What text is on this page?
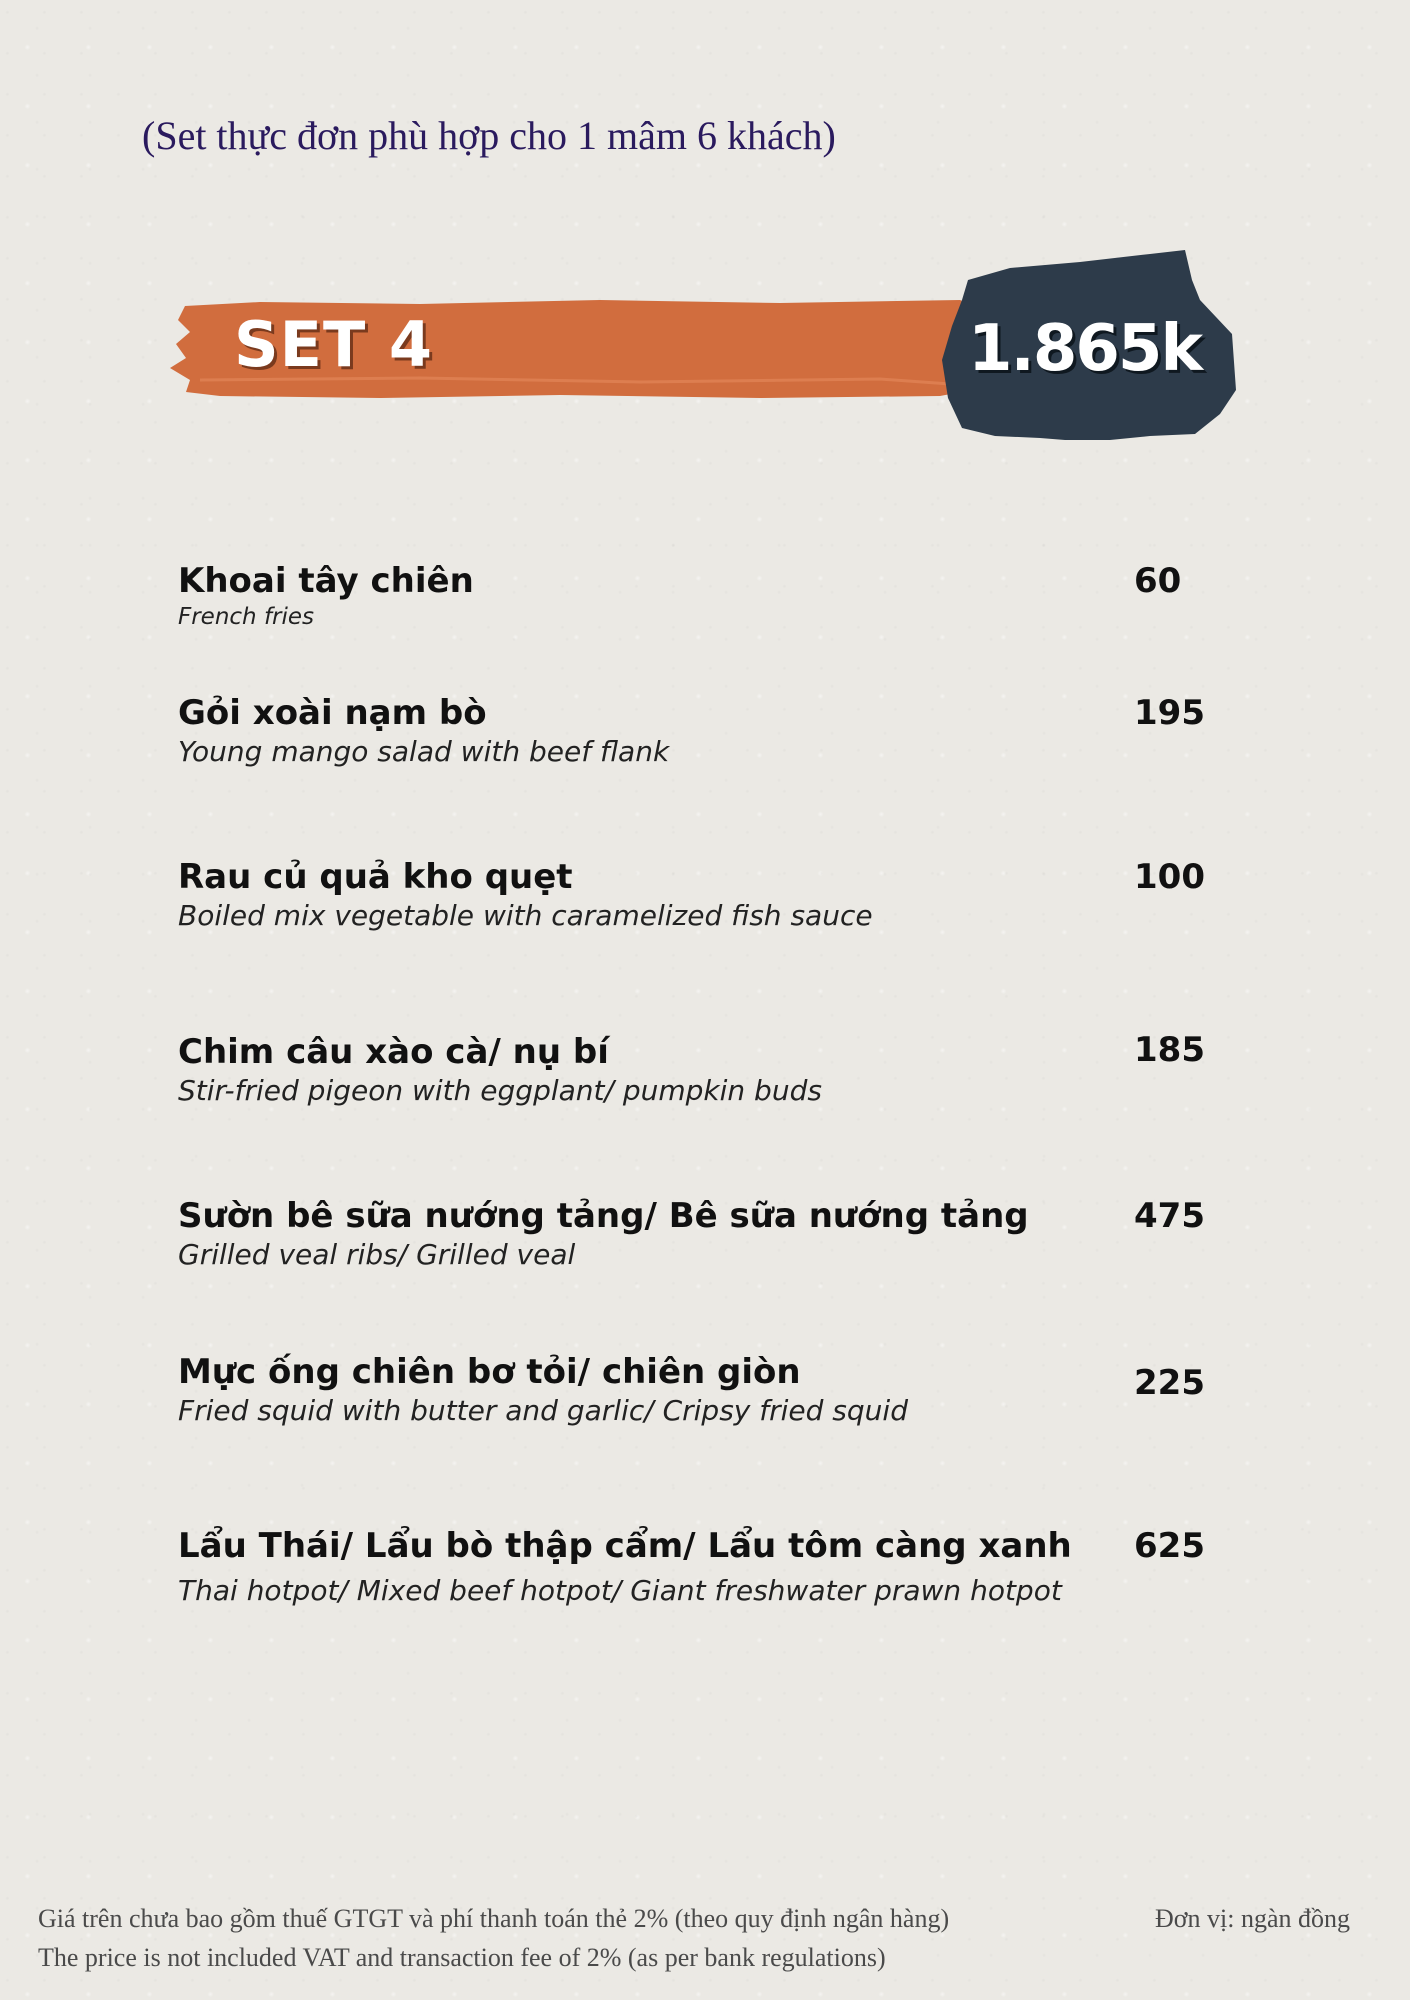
(Set thực đơn phù hợp cho 1 mâm 6 khách)
SET 4	1.865k
Khoai tây chiên
French fries
60
Gỏi xoài nạm bò
Young mango salad with beef flank
195
Rau củ quả kho quẹt
Boiled mix vegetable with caramelized fish sauce
100
Chim câu xào cà/ nụ bí
Stir-fried pigeon with eggplant/ pumpkin buds
185
Sườn bê sữa nướng tảng/ Bê sữa nướng tảng
Grilled veal ribs/ Grilled veal
475
Mực ống chiên bơ tỏi/ chiên giòn
Fried squid with butter and garlic/ Cripsy fried squid
225
Lẩu Thái/ Lẩu bò thập cẩm/ Lẩu tôm càng xanh
Thai hotpot/ Mixed beef hotpot/ Giant freshwater prawn hotpot
625
Giá trên chưa bao gồm thuế GTGT và phí thanh toán thẻ 2% (theo quy định ngân hàng)
The price is not included VAT and transaction fee of 2% (as per bank regulations)
Đơn vị: ngàn đồng
